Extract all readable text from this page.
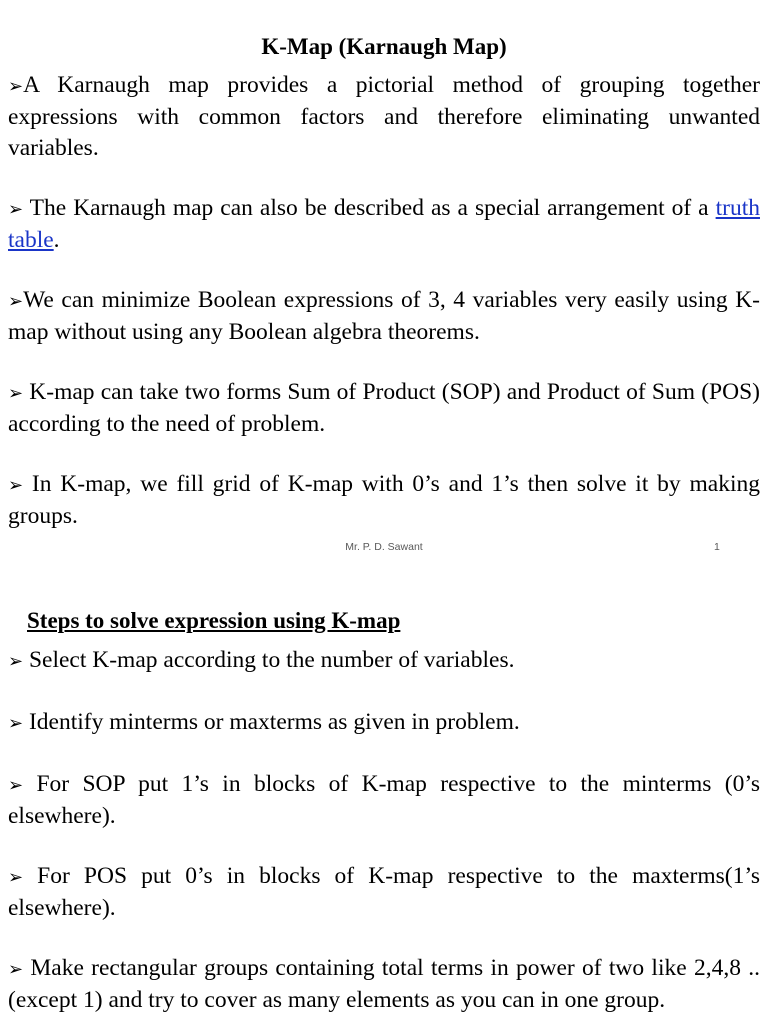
K-Map (Karnaugh Map)

➢A Karnaugh map provides a pictorial method of grouping together expressions with common factors and therefore eliminating unwanted variables.

➢ The Karnaugh map can also be described as a special arrangement of a truth table.

➢We can minimize Boolean expressions of 3, 4 variables very easily using K-map without using any Boolean algebra theorems.

➢ K-map can take two forms Sum of Product (SOP) and Product of Sum (POS) according to the need of problem.

➢ In K-map, we fill grid of K-map with 0’s and 1’s then solve it by making groups.

Mr. P. D. Sawant	1
Steps to solve expression using K-map

➢ Select K-map according to the number of variables.

➢ Identify minterms or maxterms as given in problem.

➢ For SOP put 1’s in blocks of K-map respective to the minterms (0’s elsewhere).

➢ For POS put 0’s in blocks of K-map respective to the maxterms(1’s elsewhere).

➢ Make rectangular groups containing total terms in power of two like 2,4,8 ..(except 1) and try to cover as many elements as you can in one group.
